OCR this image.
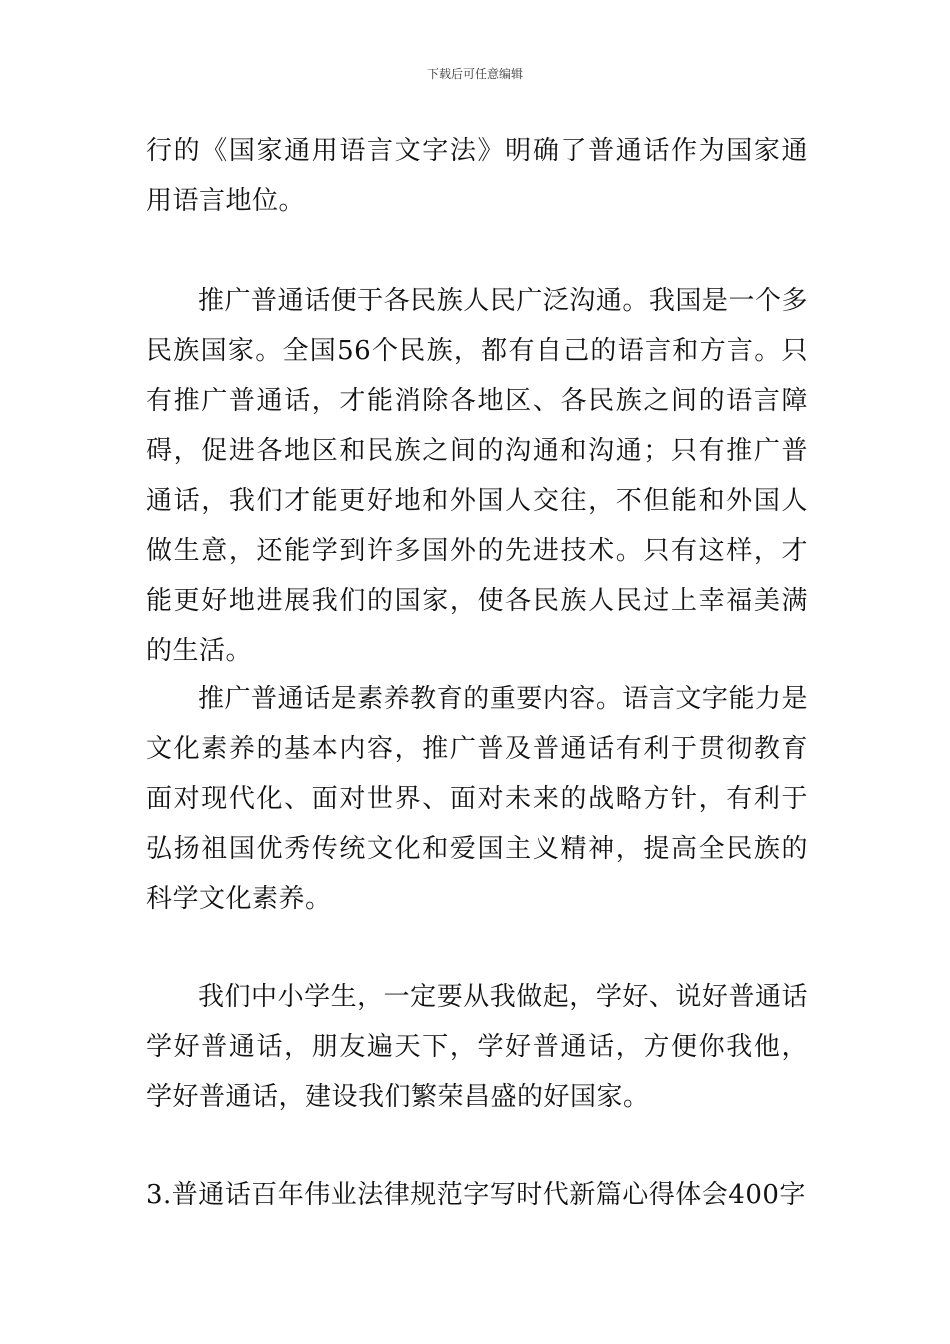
下载后可任意编辑

行的《国家通用语言文字法》明确了普通话作为国家通用语言地位。

推广普通话便于各民族人民广泛沟通。我国是一个多民族国家。全国56个民族，都有自己的语言和方言。只有推广普通话，才能消除各地区、各民族之间的语言障碍，促进各地区和民族之间的沟通和沟通；只有推广普通话，我们才能更好地和外国人交往，不但能和外国人做生意，还能学到许多国外的先进技术。只有这样，才能更好地进展我们的国家，使各民族人民过上幸福美满的生活。

推广普通话是素养教育的重要内容。语言文字能力是文化素养的基本内容，推广普及普通话有利于贯彻教育面对现代化、面对世界、面对未来的战略方针，有利于弘扬祖国优秀传统文化和爱国主义精神，提高全民族的科学文化素养。

我们中小学生，一定要从我做起，学好、说好普通话学好普通话，朋友遍天下，学好普通话，方便你我他，学好普通话，建设我们繁荣昌盛的好国家。

3.普通话百年伟业法律规范字写时代新篇心得体会400字
